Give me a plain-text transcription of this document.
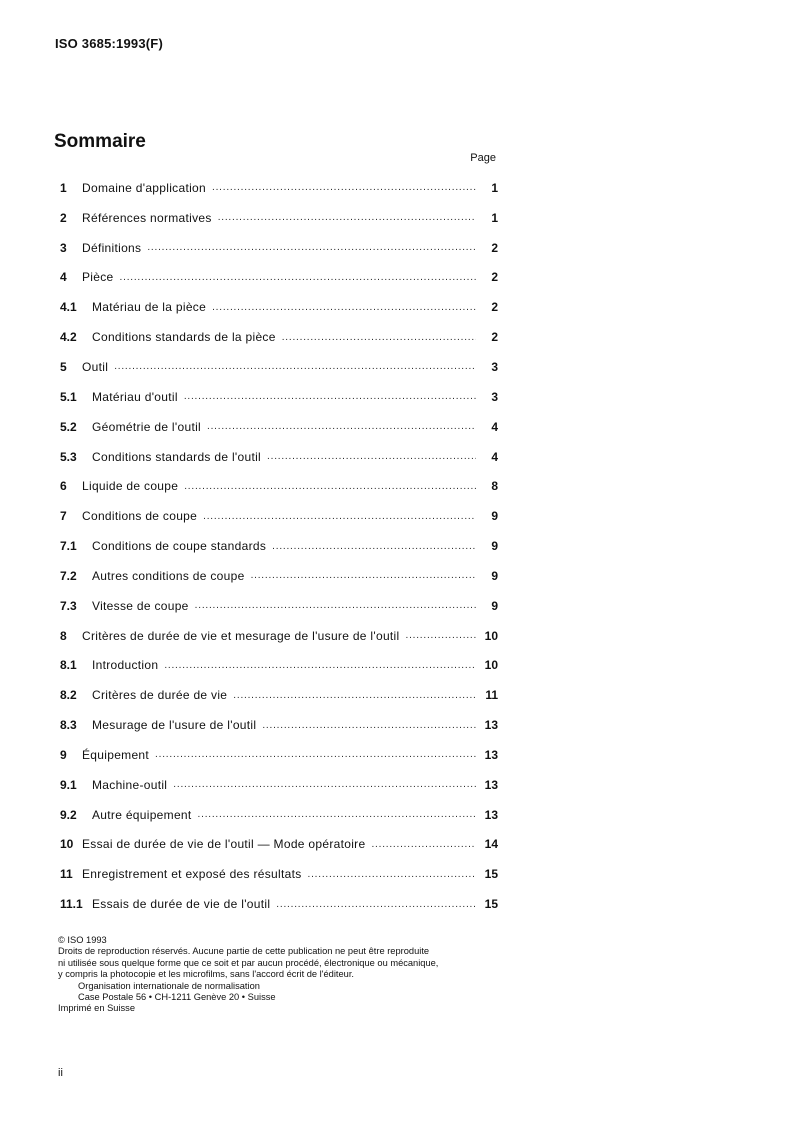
ISO 3685:1993(F)
Sommaire
Page
1	Domaine d'application .....	1
2	Références normatives .....	1
3	Définitions .....	2
4	Pièce .....	2
4.1	Matériau de la pièce .....	2
4.2	Conditions standards de la pièce .....	2
5	Outil .....	3
5.1	Matériau d'outil .....	3
5.2	Géométrie de l'outil .....	4
5.3	Conditions standards de l'outil .....	4
6	Liquide de coupe .....	8
7	Conditions de coupe .....	9
7.1	Conditions de coupe standards .....	9
7.2	Autres conditions de coupe .....	9
7.3	Vitesse de coupe .....	9
8	Critères de durée de vie et mesurage de l'usure de l'outil .....	10
8.1	Introduction .....	10
8.2	Critères de durée de vie .....	11
8.3	Mesurage de l'usure de l'outil .....	13
9	Équipement .....	13
9.1	Machine-outil .....	13
9.2	Autre équipement .....	13
10 Essai de durée de vie de l'outil — Mode opératoire .....	14
11 Enregistrement et exposé des résultats .....	15
11.1 Essais de durée de vie de l'outil .....	15
© ISO 1993
Droits de reproduction réservés. Aucune partie de cette publication ne peut être reproduite
ni utilisée sous quelque forme que ce soit et par aucun procédé, électronique ou mécanique,
y compris la photocopie et les microfilms, sans l'accord écrit de l'éditeur.
Organisation internationale de normalisation
Case Postale 56 • CH-1211 Genève 20 • Suisse
Imprimé en Suisse
ii
